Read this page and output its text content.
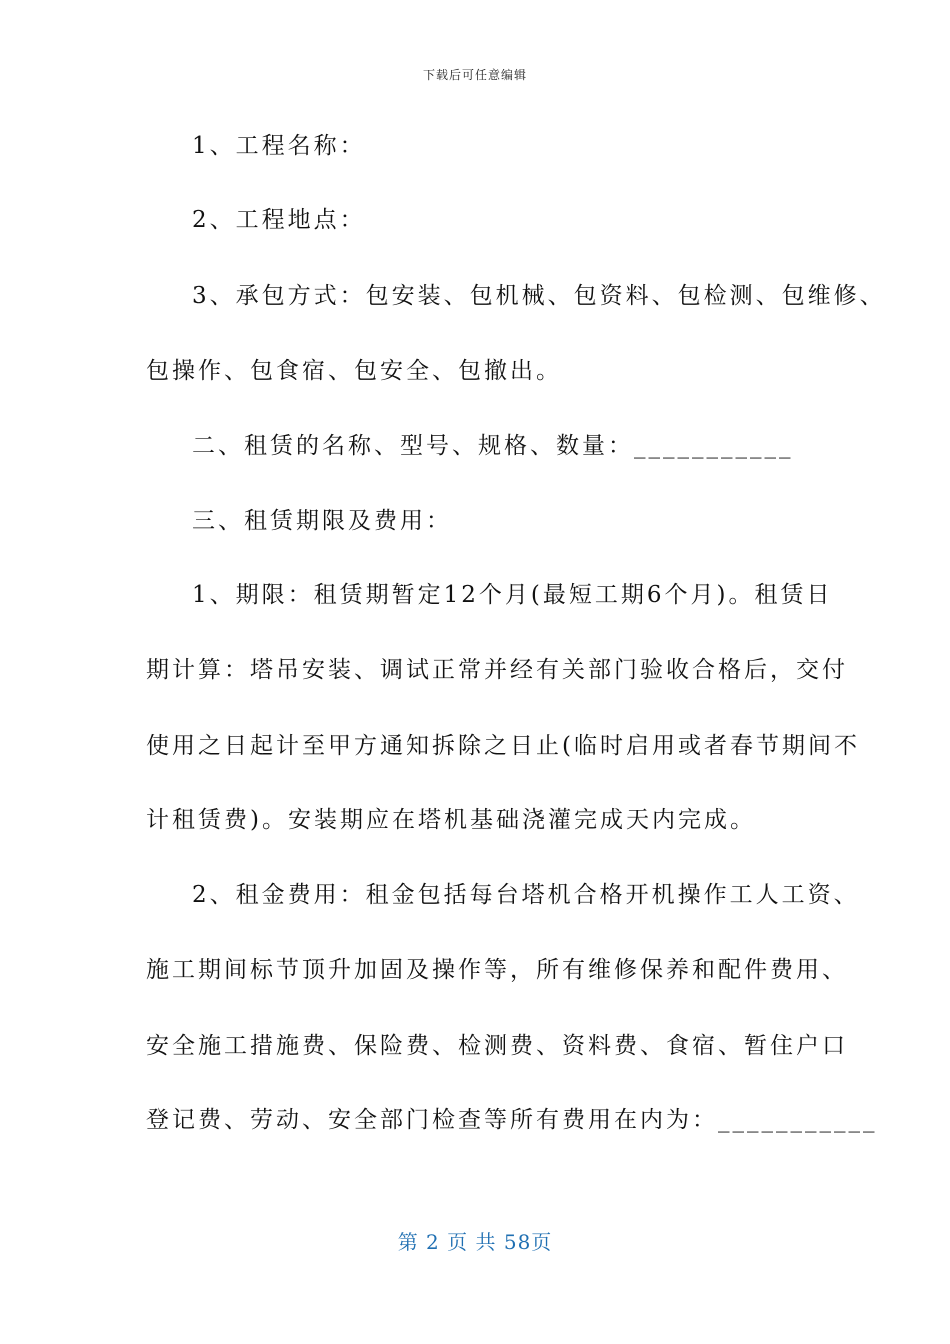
下载后可任意编辑
1、工程名称：
2、工程地点：
3、承包方式：包安装、包机械、包资料、包检测、包维修、
包操作、包食宿、包安全、包撤出。
二、租赁的名称、型号、规格、数量：___________
三、租赁期限及费用：
1、期限：租赁期暂定12个月(最短工期6个月)。租赁日
期计算：塔吊安装、调试正常并经有关部门验收合格后，交付
使用之日起计至甲方通知拆除之日止(临时启用或者春节期间不
计租赁费)。安装期应在塔机基础浇灌完成天内完成。
2、租金费用：租金包括每台塔机合格开机操作工人工资、
施工期间标节顶升加固及操作等，所有维修保养和配件费用、
安全施工措施费、保险费、检测费、资料费、食宿、暂住户口
登记费、劳动、安全部门检查等所有费用在内为：___________
第 2 页 共 58页
